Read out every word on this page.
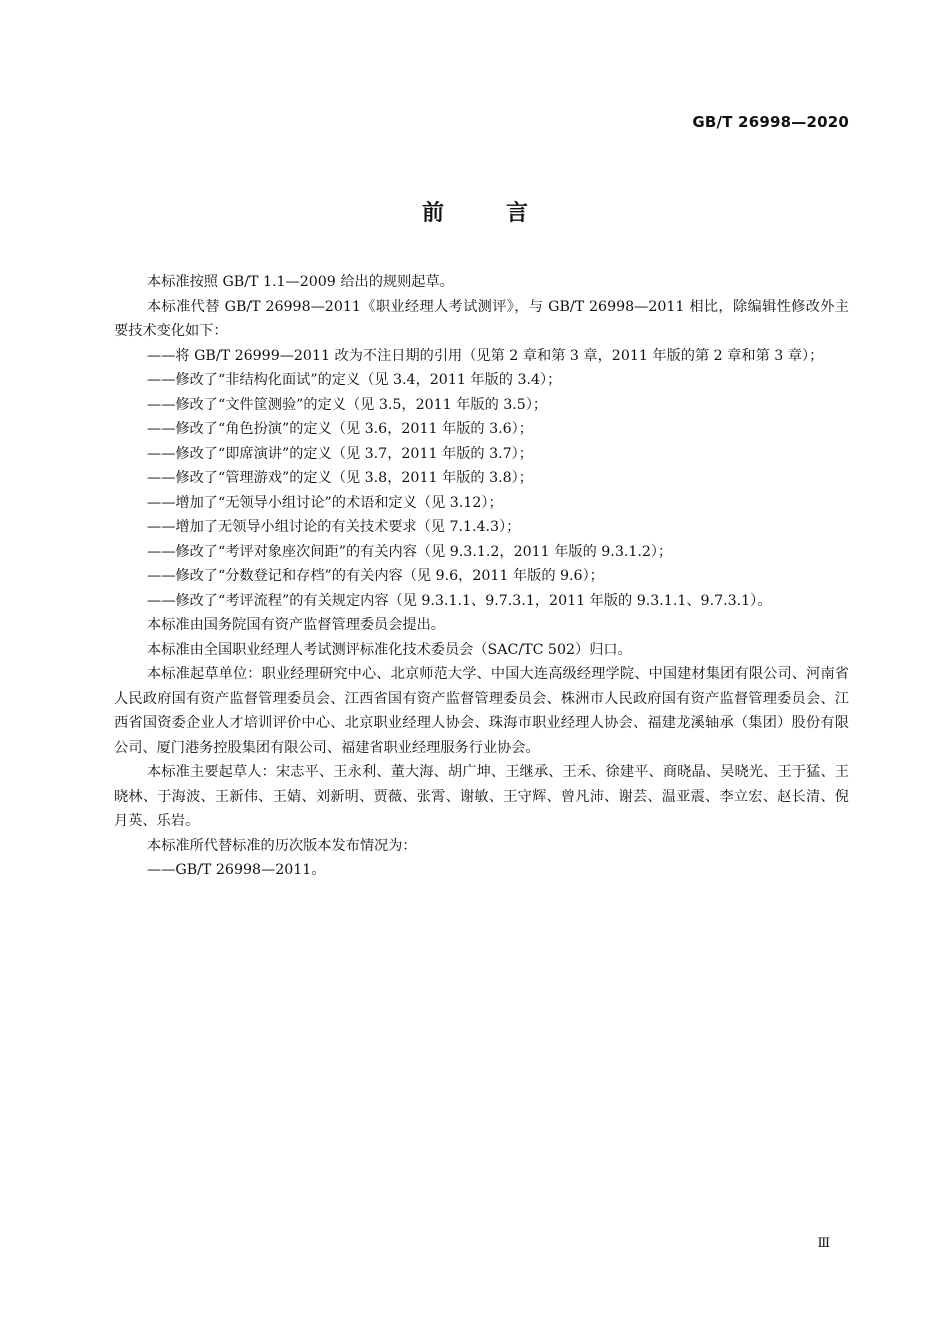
GB/T 26998—2020
前言

本标准按照 GB/T 1.1—2009 给出的规则起草。

本标准代替 GB/T 26998—2011《职业经理人考试测评》，与 GB/T 26998—2011 相比，除编辑性修改外主要技术变化如下：

——将 GB/T 26999—2011 改为不注日期的引用（见第 2 章和第 3 章，2011 年版的第 2 章和第 3 章）；

——修改了“非结构化面试”的定义（见 3.4，2011 年版的 3.4）；

——修改了“文件筐测验”的定义（见 3.5，2011 年版的 3.5）；

——修改了“角色扮演”的定义（见 3.6，2011 年版的 3.6）；

——修改了“即席演讲”的定义（见 3.7，2011 年版的 3.7）；

——修改了“管理游戏”的定义（见 3.8，2011 年版的 3.8）；

——增加了“无领导小组讨论”的术语和定义（见 3.12）；

——增加了无领导小组讨论的有关技术要求（见 7.1.4.3）；

——修改了“考评对象座次间距”的有关内容（见 9.3.1.2，2011 年版的 9.3.1.2）；

——修改了“分数登记和存档”的有关内容（见 9.6，2011 年版的 9.6）；

——修改了“考评流程”的有关规定内容（见 9.3.1.1、9.7.3.1，2011 年版的 9.3.1.1、9.7.3.1）。

本标准由国务院国有资产监督管理委员会提出。

本标准由全国职业经理人考试测评标准化技术委员会（SAC/TC 502）归口。

本标准起草单位：职业经理研究中心、北京师范大学、中国大连高级经理学院、中国建材集团有限公司、河南省人民政府国有资产监督管理委员会、江西省国有资产监督管理委员会、株洲市人民政府国有资产监督管理委员会、江西省国资委企业人才培训评价中心、北京职业经理人协会、珠海市职业经理人协会、福建龙溪轴承（集团）股份有限公司、厦门港务控股集团有限公司、福建省职业经理服务行业协会。

本标准主要起草人：宋志平、王永利、董大海、胡广坤、王继承、王禾、徐建平、商晓晶、吴晓光、王于猛、王晓林、于海波、王新伟、王婧、刘新明、贾薇、张霄、谢敏、王守辉、曾凡沛、谢芸、温亚震、李立宏、赵长清、倪月英、乐岩。

本标准所代替标准的历次版本发布情况为：

——GB/T 26998—2011。

Ⅲ
